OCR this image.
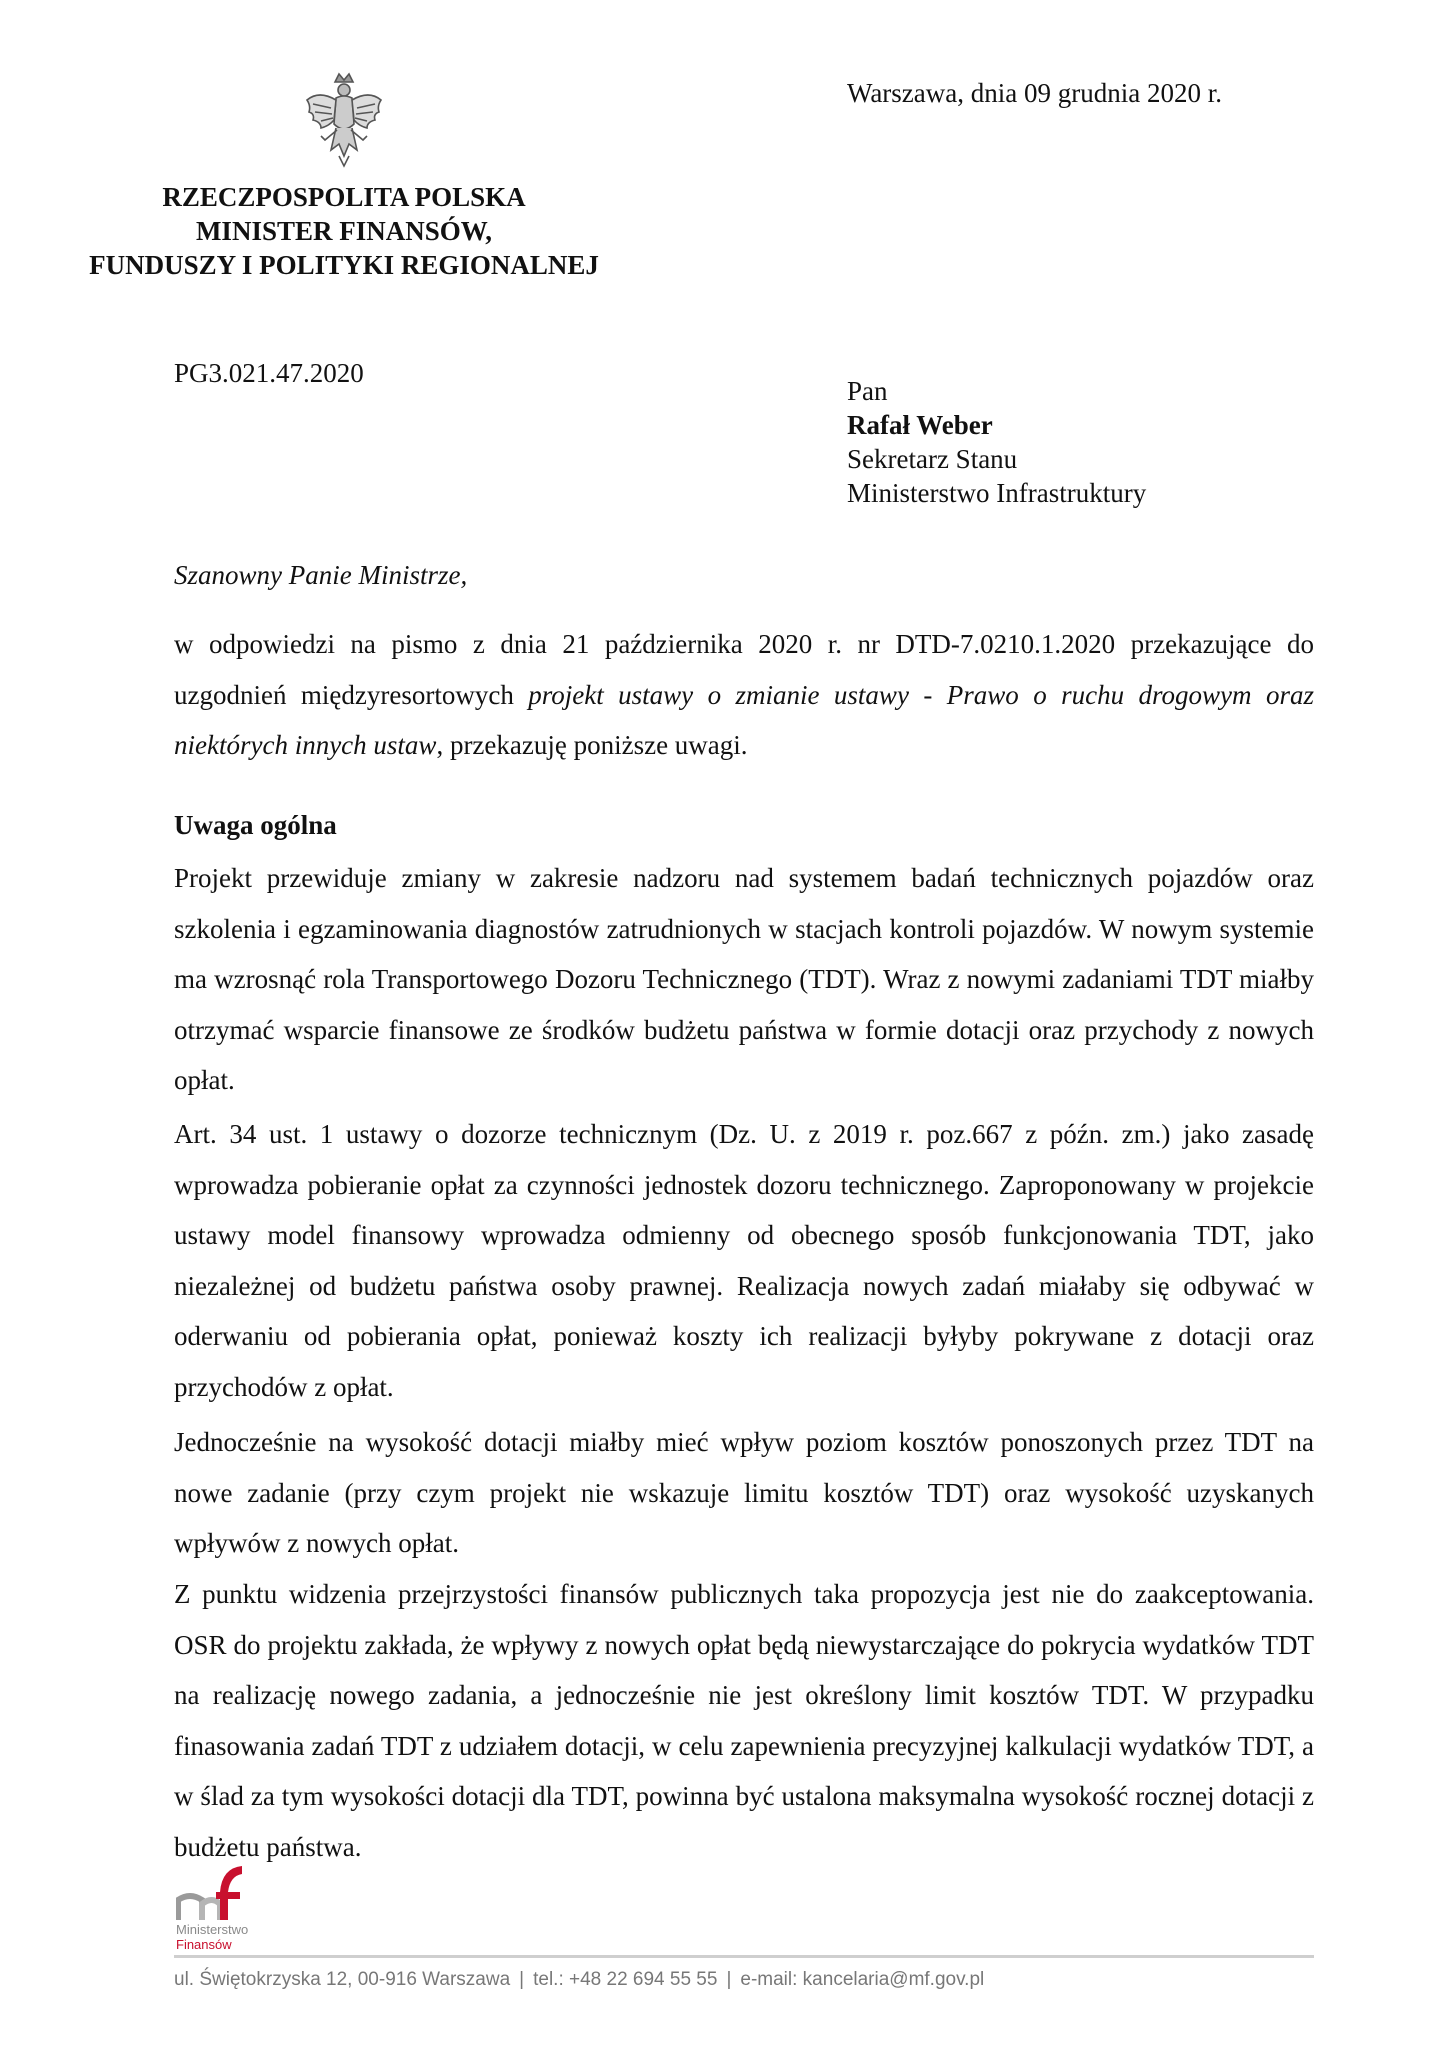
Warszawa, dnia 09 grudnia 2020 r.
RZECZPOSPOLITA POLSKA
MINISTER FINANSÓW,
FUNDUSZY I POLITYKI REGIONALNEJ
PG3.021.47.2020
Pan
Rafał Weber
Sekretarz Stanu
Ministerstwo Infrastruktury
Szanowny Panie Ministrze,

w odpowiedzi na pismo z dnia 21 października 2020 r. nr DTD-7.0210.1.2020 przekazujące do uzgodnień międzyresortowych projekt ustawy o zmianie ustawy - Prawo o ruchu drogowym oraz niektórych innych ustaw, przekazuję poniższe uwagi.

Uwaga ogólna

Projekt przewiduje zmiany w zakresie nadzoru nad systemem badań technicznych pojazdów oraz szkolenia i egzaminowania diagnostów zatrudnionych w stacjach kontroli pojazdów. W nowym systemie ma wzrosnąć rola Transportowego Dozoru Technicznego (TDT). Wraz z nowymi zadaniami TDT miałby otrzymać wsparcie finansowe ze środków budżetu państwa w formie dotacji oraz przychody z nowych opłat.

Art. 34 ust. 1 ustawy o dozorze technicznym (Dz. U. z 2019 r. poz.667 z późn. zm.) jako zasadę wprowadza pobieranie opłat za czynności jednostek dozoru technicznego. Zaproponowany w projekcie ustawy model finansowy wprowadza odmienny od obecnego sposób funkcjonowania TDT, jako niezależnej od budżetu państwa osoby prawnej. Realizacja nowych zadań miałaby się odbywać w oderwaniu od pobierania opłat, ponieważ koszty ich realizacji byłyby pokrywane z dotacji oraz przychodów z opłat.

Jednocześnie na wysokość dotacji miałby mieć wpływ poziom kosztów ponoszonych przez TDT na nowe zadanie (przy czym projekt nie wskazuje limitu kosztów TDT) oraz wysokość uzyskanych wpływów z nowych opłat.

Z punktu widzenia przejrzystości finansów publicznych taka propozycja jest nie do zaakceptowania. OSR do projektu zakłada, że wpływy z nowych opłat będą niewystarczające do pokrycia wydatków TDT na realizację nowego zadania, a jednocześnie nie jest określony limit kosztów TDT. W przypadku finasowania zadań TDT z udziałem dotacji, w celu zapewnienia precyzyjnej kalkulacji wydatków TDT, a w ślad za tym wysokości dotacji dla TDT, powinna być ustalona maksymalna wysokość rocznej dotacji z budżetu państwa.

Ministerstwo
Finansów
ul. Świętokrzyska 12, 00-916 Warszawa | tel.: +48 22 694 55 55 | e-mail: kancelaria@mf.gov.pl
